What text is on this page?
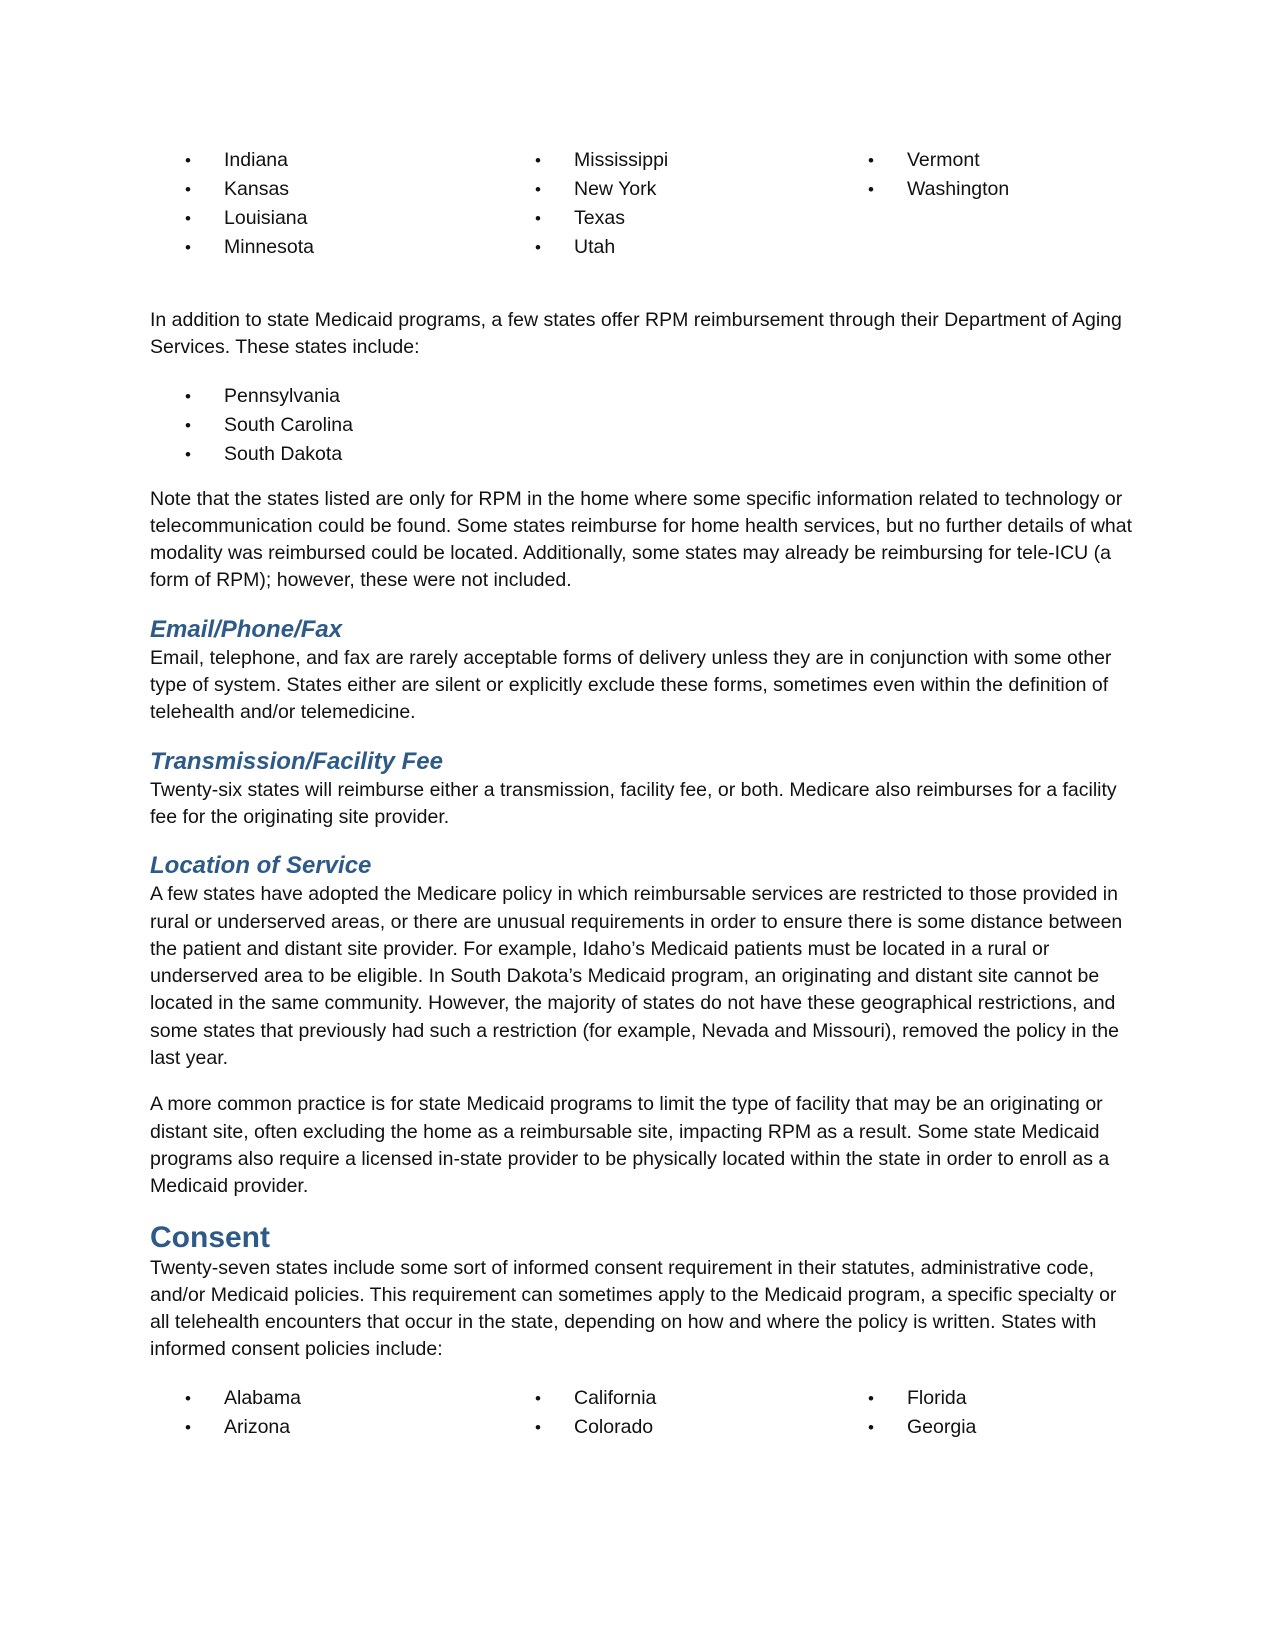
• Indiana
• Kansas
• Louisiana
• Minnesota
• Mississippi
• New York
• Texas
• Utah
• Vermont
• Washington

In addition to state Medicaid programs, a few states offer RPM reimbursement through their Department of Aging Services. These states include:

• Pennsylvania
• South Carolina
• South Dakota

Note that the states listed are only for RPM in the home where some specific information related to technology or telecommunication could be found. Some states reimburse for home health services, but no further details of what modality was reimbursed could be located. Additionally, some states may already be reimbursing for tele-ICU (a form of RPM); however, these were not included.

Email/Phone/Fax

Email, telephone, and fax are rarely acceptable forms of delivery unless they are in conjunction with some other type of system. States either are silent or explicitly exclude these forms, sometimes even within the definition of telehealth and/or telemedicine.

Transmission/Facility Fee

Twenty-six states will reimburse either a transmission, facility fee, or both. Medicare also reimburses for a facility fee for the originating site provider.

Location of Service

A few states have adopted the Medicare policy in which reimbursable services are restricted to those provided in rural or underserved areas, or there are unusual requirements in order to ensure there is some distance between the patient and distant site provider. For example, Idaho’s Medicaid patients must be located in a rural or underserved area to be eligible. In South Dakota’s Medicaid program, an originating and distant site cannot be located in the same community. However, the majority of states do not have these geographical restrictions, and some states that previously had such a restriction (for example, Nevada and Missouri), removed the policy in the last year.

A more common practice is for state Medicaid programs to limit the type of facility that may be an originating or distant site, often excluding the home as a reimbursable site, impacting RPM as a result. Some state Medicaid programs also require a licensed in-state provider to be physically located within the state in order to enroll as a Medicaid provider.

Consent

Twenty-seven states include some sort of informed consent requirement in their statutes, administrative code, and/or Medicaid policies. This requirement can sometimes apply to the Medicaid program, a specific specialty or all telehealth encounters that occur in the state, depending on how and where the policy is written. States with informed consent policies include:

• Alabama
• Arizona
• California
• Colorado
• Florida
• Georgia
